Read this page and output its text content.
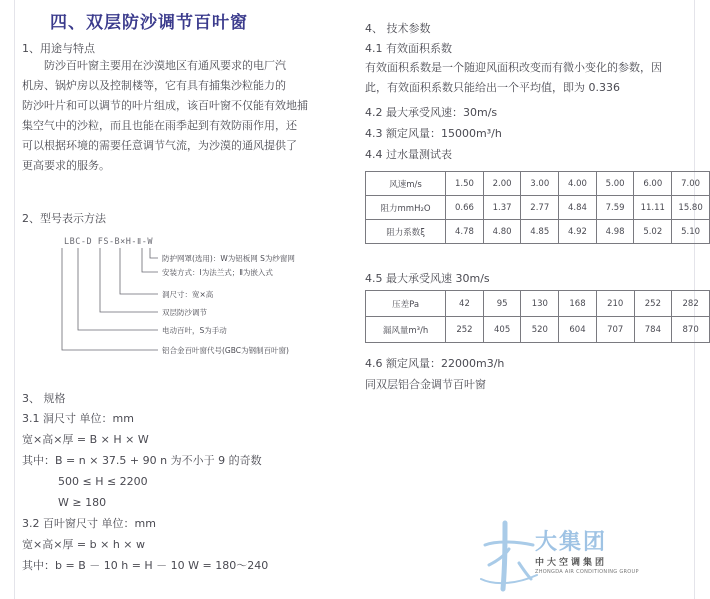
四、双层防沙调节百叶窗
1、用途与特点
防沙百叶窗主要用在沙漠地区有通风要求的电厂汽
机房、锅炉房以及控制楼等，它有具有捕集沙粒能力的
防沙叶片和可以调节的叶片组成，该百叶窗不仅能有效地捕
集空气中的沙粒，而且也能在雨季起到有效防雨作用，还
可以根据环境的需要任意调节气流，为沙漠的通风提供了
更高要求的服务。
2、型号表示方法
LBC-D FS-B×H-Ⅱ-W
防护网罩(选用)：W为铝板网 S为纱窗网
安装方式：Ⅰ为法兰式；Ⅱ为嵌入式
洞尺寸：宽×高
双层防沙调节
电动百叶，S为手动
铝合金百叶窗代号(GBC为钢制百叶窗)
3、 规格
3.1 洞尺寸 单位：mm
宽×高×厚 = B × H × W
其中：B = n × 37.5 + 90 n 为不小于 9 的奇数
500 ≤ H ≤ 2200
W ≥ 180
3.2 百叶窗尺寸 单位：mm
宽×高×厚 = b × h × w
其中：b = B － 10 h = H － 10 W = 180～240
4、 技术参数
4.1 有效面积系数
有效面积系数是一个随迎风面积改变而有微小变化的参数，因
此，有效面积系数只能给出一个平均值，即为 0.336
4.2 最大承受风速：30m/s
4.3 额定风量：15000m³/h
4.4 过水量测试表
风速m/s	1.50	2.00	3.00	4.00	5.00	6.00	7.00
阻力mmH₂O	0.66	1.37	2.77	4.84	7.59	11.11	15.80
阻力系数ξ	4.78	4.80	4.85	4.92	4.98	5.02	5.10
4.5 最大承受风速 30m/s
压差Pa	42	95	130	168	210	252	282
漏风量m³/h	252	405	520	604	707	784	870
4.6 额定风量：22000m3/h
同双层铝合金调节百叶窗
大集团
中大空调集团
ZHONGDA AIR CONDITIONING GROUP
